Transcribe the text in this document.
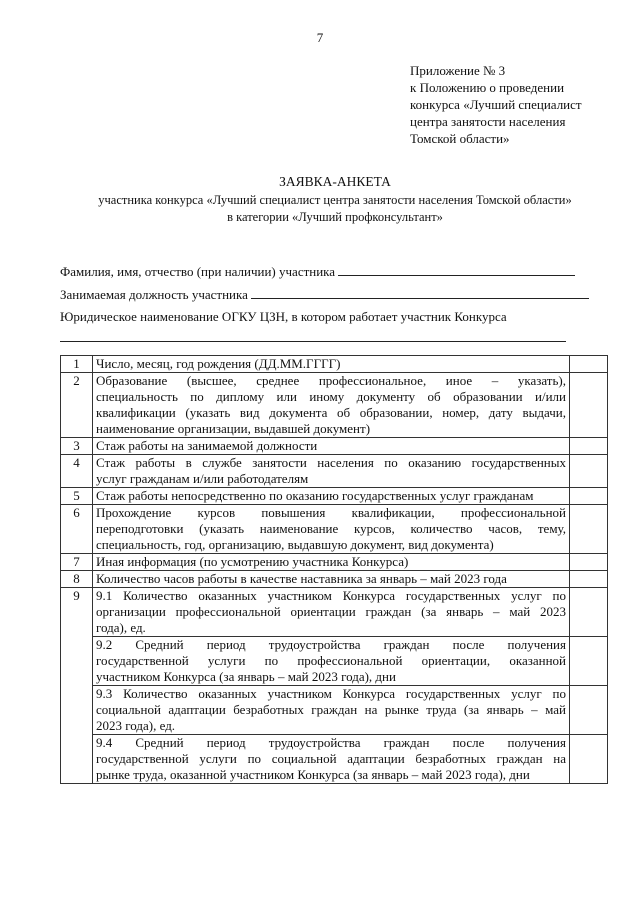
7
Приложение № 3
к Положению о проведении
конкурса «Лучший специалист
центра занятости населения
Томской области»
ЗАЯВКА-АНКЕТА
участника конкурса «Лучший специалист центра занятости населения Томской области»
в категории «Лучший профконсультант»
Фамилия, имя, отчество (при наличии) участника
Занимаемая должность участника
Юридическое наименование ОГКУ ЦЗН, в котором работает участник Конкурса
1	Число, месяц, год рождения (ДД.ММ.ГГГГ)	

2	Образование (высшее, среднее профессиональное, иное – указать),
специальность по диплому или иному документу об образовании и/или
квалификации (указать вид документа об образовании, номер, дату выдачи,
наименование организации, выдавшей документ)	

3	Стаж работы на занимаемой должности	

4	Стаж работы в службе занятости населения по оказанию государственных
услуг гражданам и/или работодателям	

5	Стаж работы непосредственно по оказанию государственных услуг гражданам	

6	Прохождение курсов повышения квалификации, профессиональной
переподготовки (указать наименование курсов, количество часов, тему,
специальность, год, организацию, выдавшую документ, вид документа)	

7	Иная информация (по усмотрению участника Конкурса)	

8	Количество часов работы в качестве наставника за январь – май 2023 года	

9	9.1 Количество оказанных участником Конкурса государственных услуг по
организации профессиональной ориентации граждан (за январь – май 2023
года), ед.	

	9.2 Средний период трудоустройства граждан после получения
государственной услуги по профессиональной ориентации, оказанной
участником Конкурса (за январь – май 2023 года), дни	

	9.3 Количество оказанных участником Конкурса государственных услуг по
социальной адаптации безработных граждан на рынке труда (за январь – май
2023 года), ед.	

	9.4 Средний период трудоустройства граждан после получения
государственной услуги по социальной адаптации безработных граждан на
рынке труда, оказанной участником Конкурса (за январь – май 2023 года), дни	
